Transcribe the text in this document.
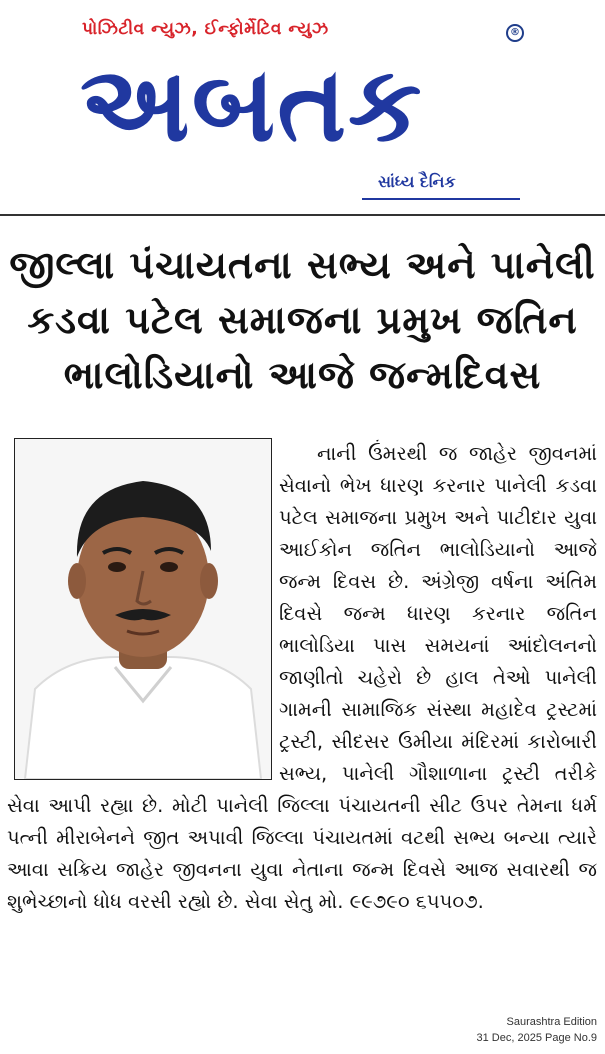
પોઝિટીવ ન્યુઝ, ઈન્ફોર્મેટિવ ન્યુઝ	®
અબતક
સાંધ્ય દૈનિક
જીલ્લા પંચાયતના સભ્ય અને પાનેલી
કડવા પટેલ સમાજના પ્રમુખ જતિન
ભાલોડિયાનો આજે જન્મદિવસ

નાની ઉંમરથી જ જાહેર જીવનમાં સેવાનો ભેખ ધારણ કરનાર પાનેલી કડવા પટેલ સમાજના પ્રમુખ અને પાટીદાર યુવા આઈકોન જતિન ભાલોડિયાનો આજે જન્મ દિવસ છે. અંગ્રેજી વર્ષના અંતિમ દિવસે જન્મ ધારણ કરનાર જતિન ભાલોડિયા પાસ સમયનાં આંદોલનનો જાણીતો ચહેરો છે હાલ તેઓ પાનેલી ગામની સામાજિક સંસ્થા મહાદેવ ટ્રસ્ટમાં ટ્રસ્ટી, સીદસર ઉમીયા મંદિરમાં કારોબારી સભ્ય, પાનેલી ગૌશાળાના ટ્રસ્ટી તરીકે સેવા આપી રહ્યા છે. મોટી પાનેલી જિલ્લા પંચાયતની સીટ ઉપર તેમના ધર્મ પત્ની મીરાબેનને જીત અપાવી જિલ્લા પંચાયતમાં વટથી સભ્ય બન્યા ત્યારે આવા સક્રિય જાહેર જીવનના યુવા નેતાના જન્મ દિવસે આજ સવારથી જ શુભેચ્છાનો ધોધ વરસી રહ્યો છે. સેવા સેતુ મો. ૯૯૭૯૦ ૬૫૫૦૭.

Saurashtra Edition
31 Dec, 2025 Page No.9
